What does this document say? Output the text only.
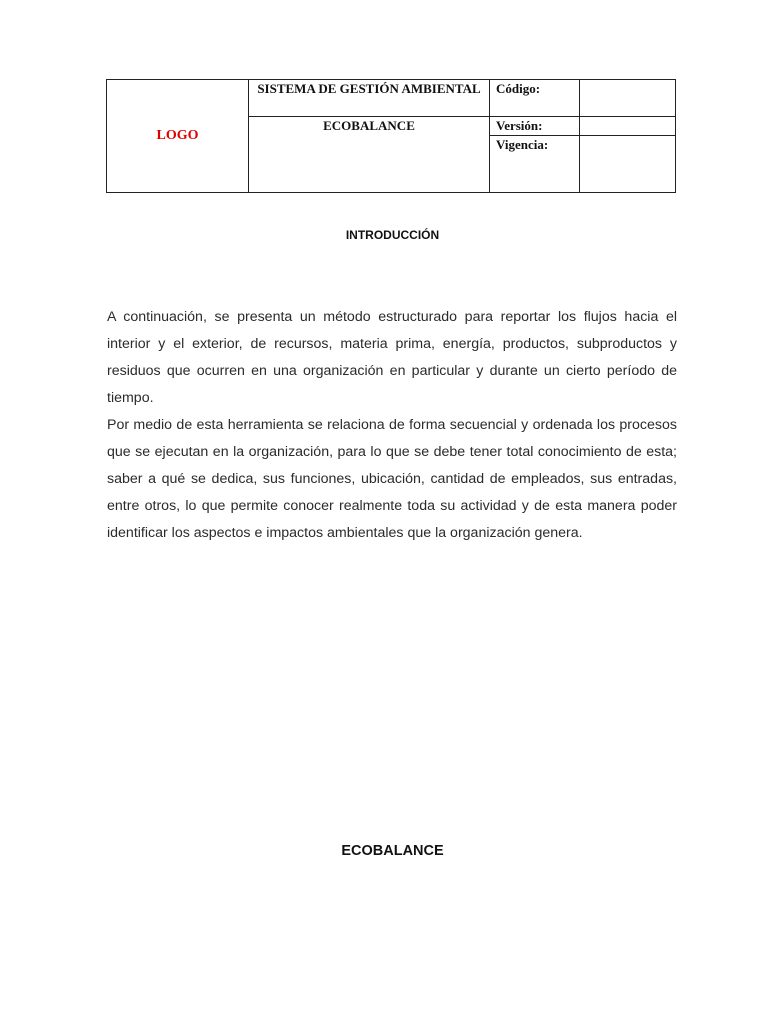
LOGO	SISTEMA DE GESTIÓN AMBIENTAL	Código:	
	ECOBALANCE	Versión:	
		Vigencia:	
INTRODUCCIÓN

A continuación, se presenta un método estructurado para reportar los flujos hacia el interior y el exterior, de recursos, materia prima, energía, productos, subproductos y residuos que ocurren en una organización en particular y durante un cierto período de tiempo.

Por medio de esta herramienta se relaciona de forma secuencial y ordenada los procesos que se ejecutan en la organización, para lo que se debe tener total conocimiento de esta; saber a qué se dedica, sus funciones, ubicación, cantidad de empleados, sus entradas, entre otros, lo que permite conocer realmente toda su actividad y de esta manera poder identificar los aspectos e impactos ambientales que la organización genera.

ECOBALANCE
